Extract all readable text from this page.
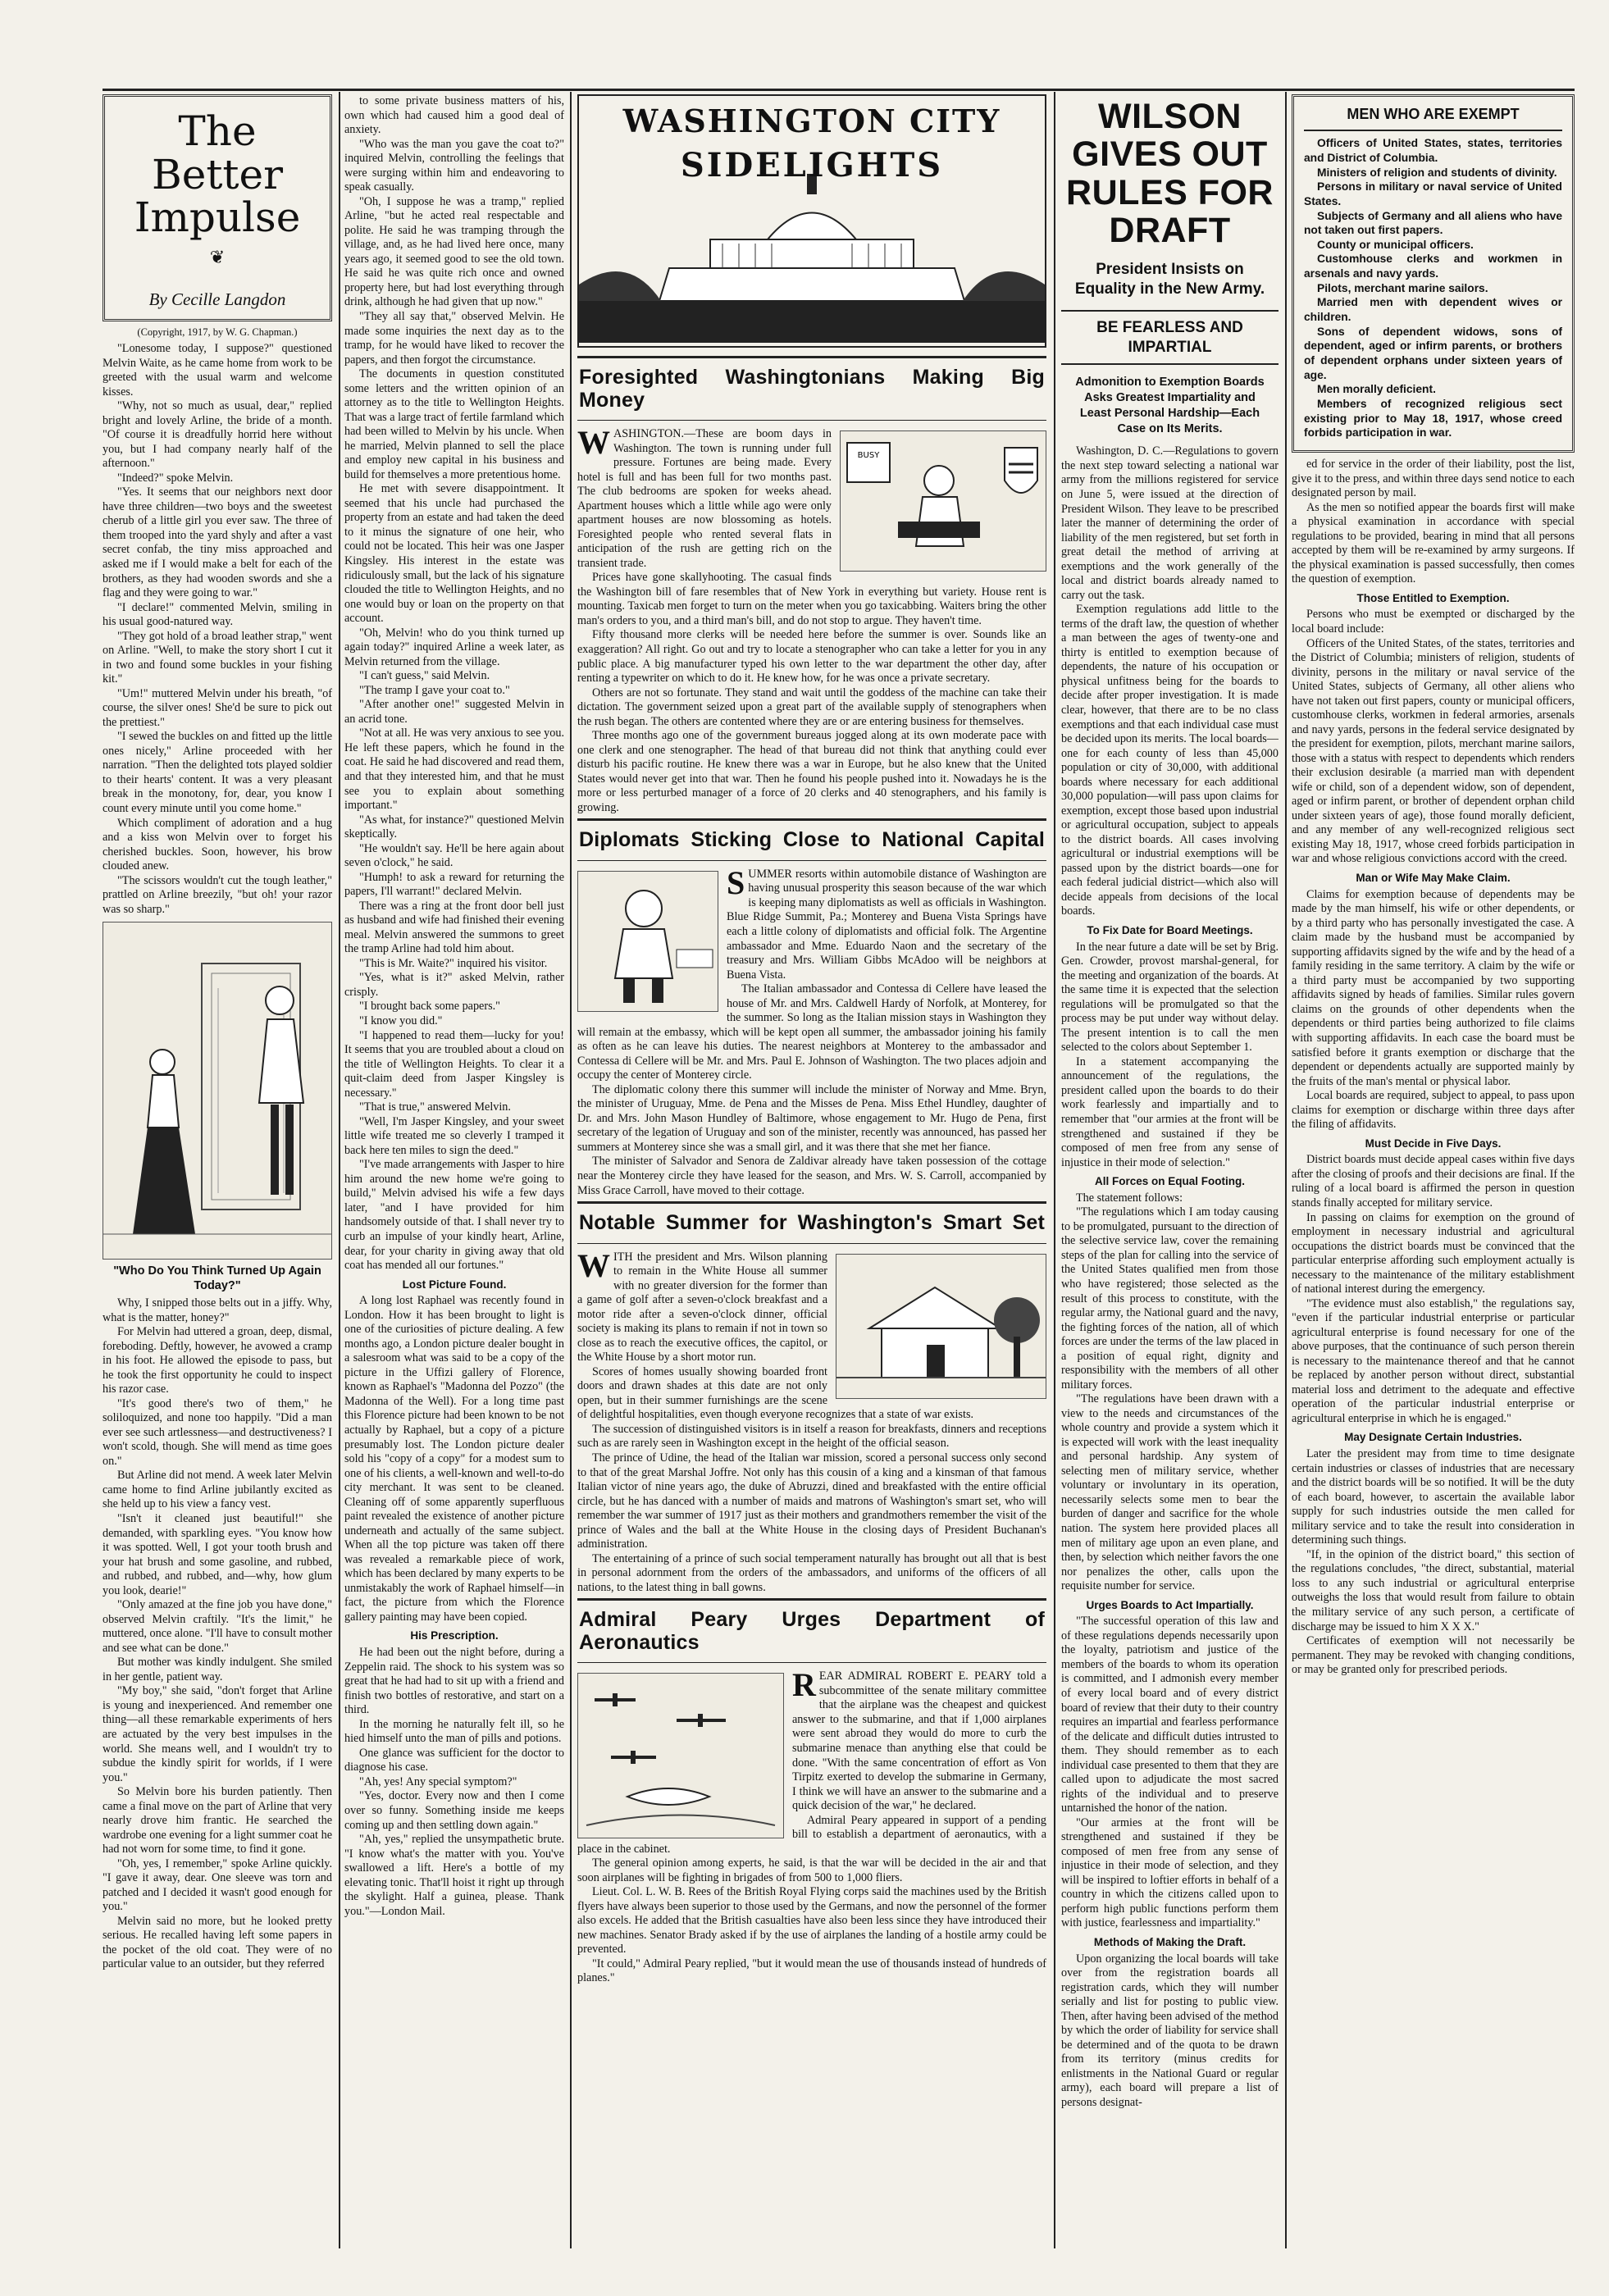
The Better Impulse
❦
By Cecille Langdon
(Copyright, 1917, by W. G. Chapman.)

"Lonesome today, I suppose?" questioned Melvin Waite, as he came home from work to be greeted with the usual warm and welcome kisses.

"Why, not so much as usual, dear," replied bright and lovely Arline, the bride of a month. "Of course it is dreadfully horrid here without you, but I had company nearly half of the afternoon."

"Indeed?" spoke Melvin.

"Yes. It seems that our neighbors next door have three children—two boys and the sweetest cherub of a little girl you ever saw. The three of them trooped into the yard shyly and after a vast secret confab, the tiny miss approached and asked me if I would make a belt for each of the brothers, as they had wooden swords and she a flag and they were going to war."

"I declare!" commented Melvin, smiling in his usual good-natured way.

"They got hold of a broad leather strap," went on Arline. "Well, to make the story short I cut it in two and found some buckles in your fishing kit."

"Um!" muttered Melvin under his breath, "of course, the silver ones! She'd be sure to pick out the prettiest."

"I sewed the buckles on and fitted up the little ones nicely," Arline proceeded with her narration. "Then the delighted tots played soldier to their hearts' content. It was a very pleasant break in the monotony, for, dear, you know I count every minute until you come home."

Which compliment of adoration and a hug and a kiss won Melvin over to forget his cherished buckles. Soon, however, his brow clouded anew.

"The scissors wouldn't cut the tough leather," prattled on Arline breezily, "but oh! your razor was so sharp."

"Who Do You Think Turned Up Again Today?"

Why, I snipped those belts out in a jiffy. Why, what is the matter, honey?"

For Melvin had uttered a groan, deep, dismal, foreboding. Deftly, however, he avowed a cramp in his foot. He allowed the episode to pass, but he took the first opportunity he could to inspect his razor case.

"It's good there's two of them," he soliloquized, and none too happily. "Did a man ever see such artlessness—and destructiveness? I won't scold, though. She will mend as time goes on."

But Arline did not mend. A week later Melvin came home to find Arline jubilantly excited as she held up to his view a fancy vest.

"Isn't it cleaned just beautiful!" she demanded, with sparkling eyes. "You know how it was spotted. Well, I got your tooth brush and your hat brush and some gasoline, and rubbed, and rubbed, and rubbed, and—why, how glum you look, dearie!"

"Only amazed at the fine job you have done," observed Melvin craftily. "It's the limit," he muttered, once alone. "I'll have to consult mother and see what can be done."

But mother was kindly indulgent. She smiled in her gentle, patient way.

"My boy," she said, "don't forget that Arline is young and inexperienced. And remember one thing—all these remarkable experiments of hers are actuated by the very best impulses in the world. She means well, and I wouldn't try to subdue the kindly spirit for worlds, if I were you."

So Melvin bore his burden patiently. Then came a final move on the part of Arline that very nearly drove him frantic. He searched the wardrobe one evening for a light summer coat he had not worn for some time, to find it gone.

"Oh, yes, I remember," spoke Arline quickly. "I gave it away, dear. One sleeve was torn and patched and I decided it wasn't good enough for you."

Melvin said no more, but he looked pretty serious. He recalled having left some papers in the pocket of the old coat. They were of no particular value to an outsider, but they referred

to some private business matters of his, own which had caused him a good deal of anxiety.

"Who was the man you gave the coat to?" inquired Melvin, controlling the feelings that were surging within him and endeavoring to speak casually.

"Oh, I suppose he was a tramp," replied Arline, "but he acted real respectable and polite. He said he was tramping through the village, and, as he had lived here once, many years ago, it seemed good to see the old town. He said he was quite rich once and owned property here, but had lost everything through drink, although he had given that up now."

"They all say that," observed Melvin. He made some inquiries the next day as to the tramp, for he would have liked to recover the papers, and then forgot the circumstance.

The documents in question constituted some letters and the written opinion of an attorney as to the title to Wellington Heights. That was a large tract of fertile farmland which had been willed to Melvin by his uncle. When he married, Melvin planned to sell the place and employ new capital in his business and build for themselves a more pretentious home.

He met with severe disappointment. It seemed that his uncle had purchased the property from an estate and had taken the deed to it minus the signature of one heir, who could not be located. This heir was one Jasper Kingsley. His interest in the estate was ridiculously small, but the lack of his signature clouded the title to Wellington Heights, and no one would buy or loan on the property on that account.

"Oh, Melvin! who do you think turned up again today?" inquired Arline a week later, as Melvin returned from the village.

"I can't guess," said Melvin.

"The tramp I gave your coat to."

"After another one!" suggested Melvin in an acrid tone.

"Not at all. He was very anxious to see you. He left these papers, which he found in the coat. He said he had discovered and read them, and that they interested him, and that he must see you to explain about something important."

"As what, for instance?" questioned Melvin skeptically.

"He wouldn't say. He'll be here again about seven o'clock," he said.

"Humph! to ask a reward for returning the papers, I'll warrant!" declared Melvin.

There was a ring at the front door bell just as husband and wife had finished their evening meal. Melvin answered the summons to greet the tramp Arline had told him about.

"This is Mr. Waite?" inquired his visitor.

"Yes, what is it?" asked Melvin, rather crisply.

"I brought back some papers."

"I know you did."

"I happened to read them—lucky for you! It seems that you are troubled about a cloud on the title of Wellington Heights. To clear it a quit-claim deed from Jasper Kingsley is necessary."

"That is true," answered Melvin.

"Well, I'm Jasper Kingsley, and your sweet little wife treated me so cleverly I tramped it back here ten miles to sign the deed."

"I've made arrangements with Jasper to hire him around the new home we're going to build," Melvin advised his wife a few days later, "and I have provided for him handsomely outside of that. I shall never try to curb an impulse of your kindly heart, Arline, dear, for your charity in giving away that old coat has mended all our fortunes."

Lost Picture Found.

A long lost Raphael was recently found in London. How it has been brought to light is one of the curiosities of picture dealing. A few months ago, a London picture dealer bought in a salesroom what was said to be a copy of the picture in the Uffizi gallery of Florence, known as Raphael's "Madonna del Pozzo" (the Madonna of the Well). For a long time past this Florence picture had been known to be not actually by Raphael, but a copy of a picture presumably lost. The London picture dealer sold his "copy of a copy" for a modest sum to one of his clients, a well-known and well-to-do city merchant. It was sent to be cleaned. Cleaning off of some apparently superfluous paint revealed the existence of another picture underneath and actually of the same subject. When all the top picture was taken off there was revealed a remarkable piece of work, which has been declared by many experts to be unmistakably the work of Raphael himself—in fact, the picture from which the Florence gallery painting may have been copied.

His Prescription.

He had been out the night before, during a Zeppelin raid. The shock to his system was so great that he had had to sit up with a friend and finish two bottles of restorative, and start on a third.

In the morning he naturally felt ill, so he hied himself unto the man of pills and potions.

One glance was sufficient for the doctor to diagnose his case.

"Ah, yes! Any special symptom?"

"Yes, doctor. Every now and then I come over so funny. Something inside me keeps coming up and then settling down again."

"Ah, yes," replied the unsympathetic brute. "I know what's the matter with you. You've swallowed a lift. Here's a bottle of my elevating tonic. That'll hoist it right up through the skylight. Half a guinea, please. Thank you."—London Mail.

WASHINGTON CITY
SIDELIGHTS
Foresighted Washingtonians Making Big Money
BUSY

WASHINGTON.—These are boom days in Washington. The town is running under full pressure. Fortunes are being made. Every hotel is full and has been full for two months past. The club bedrooms are spoken for weeks ahead. Apartment houses which a little while ago were only apartment houses are now blossoming as hotels. Foresighted people who rented several flats in anticipation of the rush are getting rich on the transient trade.

Prices have gone skallyhooting. The casual finds the Washington bill of fare resembles that of New York in everything but variety. House rent is mounting. Taxicab men forget to turn on the meter when you go taxicabbing. Waiters bring the other man's orders to you, and a third man's bill, and do not stop to argue. They haven't time.

Fifty thousand more clerks will be needed here before the summer is over. Sounds like an exaggeration? All right. Go out and try to locate a stenographer who can take a letter for you in any public place. A big manufacturer typed his own letter to the war department the other day, after renting a typewriter on which to do it. He knew how, for he was once a private secretary.

Others are not so fortunate. They stand and wait until the goddess of the machine can take their dictation. The government seized upon a great part of the available supply of stenographers when the rush began. The others are contented where they are or are entering business for themselves.

Three months ago one of the government bureaus jogged along at its own moderate pace with one clerk and one stenographer. The head of that bureau did not think that anything could ever disturb his pacific routine. He knew there was a war in Europe, but he also knew that the United States would never get into that war. Then he found his people pushed into it. Nowadays he is the more or less perturbed manager of a force of 20 clerks and 40 stenographers, and his family is growing.

Diplomats Sticking Close to National Capital

SUMMER resorts within automobile distance of Washington are having unusual prosperity this season because of the war which is keeping many diplomatists as well as officials in Washington. Blue Ridge Summit, Pa.; Monterey and Buena Vista Springs have each a little colony of diplomatists and official folk. The Argentine ambassador and Mme. Eduardo Naon and the secretary of the treasury and Mrs. William Gibbs McAdoo will be neighbors at Buena Vista.

The Italian ambassador and Contessa di Cellere have leased the house of Mr. and Mrs. Caldwell Hardy of Norfolk, at Monterey, for the summer. So long as the Italian mission stays in Washington they will remain at the embassy, which will be kept open all summer, the ambassador joining his family as often as he can leave his duties. The nearest neighbors at Monterey to the ambassador and Contessa di Cellere will be Mr. and Mrs. Paul E. Johnson of Washington. The two places adjoin and occupy the center of Monterey circle.

The diplomatic colony there this summer will include the minister of Norway and Mme. Bryn, the minister of Uruguay, Mme. de Pena and the Misses de Pena. Miss Ethel Hundley, daughter of Dr. and Mrs. John Mason Hundley of Baltimore, whose engagement to Mr. Hugo de Pena, first secretary of the legation of Uruguay and son of the minister, recently was announced, has passed her summers at Monterey since she was a small girl, and it was there that she met her fiance.

The minister of Salvador and Senora de Zaldivar already have taken possession of the cottage near the Monterey circle they have leased for the season, and Mrs. W. S. Carroll, accompanied by Miss Grace Carroll, have moved to their cottage.

Notable Summer for Washington's Smart Set

WITH the president and Mrs. Wilson planning to remain in the White House all summer with no greater diversion for the former than a game of golf after a seven-o'clock breakfast and a motor ride after a seven-o'clock dinner, official society is making its plans to remain if not in town so close as to reach the executive offices, the capitol, or the White House by a short motor run.

Scores of homes usually showing boarded front doors and drawn shades at this date are not only open, but in their summer furnishings are the scene of delightful hospitalities, even though everyone recognizes that a state of war exists.

The succession of distinguished visitors is in itself a reason for breakfasts, dinners and receptions such as are rarely seen in Washington except in the height of the official season.

The prince of Udine, the head of the Italian war mission, scored a personal success only second to that of the great Marshal Joffre. Not only has this cousin of a king and a kinsman of that famous Italian victor of nine years ago, the duke of Abruzzi, dined and breakfasted with the entire official circle, but he has danced with a number of maids and matrons of Washington's smart set, who will remember the war summer of 1917 just as their mothers and grandmothers remember the visit of the prince of Wales and the ball at the White House in the closing days of President Buchanan's administration.

The entertaining of a prince of such social temperament naturally has brought out all that is best in personal adornment from the orders of the ambassadors, and uniforms of the officers of all nations, to the latest thing in ball gowns.

Admiral Peary Urges Department of Aeronautics

REAR ADMIRAL ROBERT E. PEARY told a subcommittee of the senate military committee that the airplane was the cheapest and quickest answer to the submarine, and that if 1,000 airplanes were sent abroad they would do more to curb the submarine menace than anything else that could be done. "With the same concentration of effort as Von Tirpitz exerted to develop the submarine in Germany, I think we will have an answer to the submarine and a quick decision of the war," he declared.

Admiral Peary appeared in support of a pending bill to establish a department of aeronautics, with a place in the cabinet.

The general opinion among experts, he said, is that the war will be decided in the air and that soon airplanes will be fighting in brigades of from 500 to 1,000 fliers.

Lieut. Col. L. W. B. Rees of the British Royal Flying corps said the machines used by the British flyers have always been superior to those used by the Germans, and now the personnel of the former also excels. He added that the British casualties have also been less since they have introduced their new machines. Senator Brady asked if by the use of airplanes the landing of a hostile army could be prevented.

"It could," Admiral Peary replied, "but it would mean the use of thousands instead of hundreds of planes."

WILSON GIVES OUT RULES FOR DRAFT
President Insists on Equality in the New Army.
BE FEARLESS AND IMPARTIAL
Admonition to Exemption Boards Asks Greatest Impartiality and Least Personal Hardship—Each Case on Its Merits.

Washington, D. C.—Regulations to govern the next step toward selecting a national war army from the millions registered for service on June 5, were issued at the direction of President Wilson. They leave to be prescribed later the manner of determining the order of liability of the men registered, but set forth in great detail the method of arriving at exemptions and the work generally of the local and district boards already named to carry out the task.

Exemption regulations add little to the terms of the draft law, the question of whether a man between the ages of twenty-one and thirty is entitled to exemption because of dependents, the nature of his occupation or physical unfitness being for the boards to decide after proper investigation. It is made clear, however, that there are to be no class exemptions and that each individual case must be decided upon its merits. The local boards—one for each county of less than 45,000 population or city of 30,000, with additional boards where necessary for each additional 30,000 population—will pass upon claims for exemption, except those based upon industrial or agricultural occupation, subject to appeals to the district boards. All cases involving agricultural or industrial exemptions will be passed upon by the district boards—one for each federal judicial district—which also will decide appeals from decisions of the local boards.

To Fix Date for Board Meetings.

In the near future a date will be set by Brig. Gen. Crowder, provost marshal-general, for the meeting and organization of the boards. At the same time it is expected that the selection regulations will be promulgated so that the process may be put under way without delay. The present intention is to call the men selected to the colors about September 1.

In a statement accompanying the announcement of the regulations, the president called upon the boards to do their work fearlessly and impartially and to remember that "our armies at the front will be strengthened and sustained if they be composed of men free from any sense of injustice in their mode of selection."

All Forces on Equal Footing.

The statement follows:

"The regulations which I am today causing to be promulgated, pursuant to the direction of the selective service law, cover the remaining steps of the plan for calling into the service of the United States qualified men from those who have registered; those selected as the result of this process to constitute, with the regular army, the National guard and the navy, the fighting forces of the nation, all of which forces are under the terms of the law placed in a position of equal right, dignity and responsibility with the members of all other military forces.

"The regulations have been drawn with a view to the needs and circumstances of the whole country and provide a system which it is expected will work with the least inequality and personal hardship. Any system of selecting men of military service, whether voluntary or involuntary in its operation, necessarily selects some men to bear the burden of danger and sacrifice for the whole nation. The system here provided places all men of military age upon an even plane, and then, by selection which neither favors the one nor penalizes the other, calls upon the requisite number for service.

Urges Boards to Act Impartially.

"The successful operation of this law and of these regulations depends necessarily upon the loyalty, patriotism and justice of the members of the boards to whom its operation is committed, and I admonish every member of every local board and of every district board of review that their duty to their country requires an impartial and fearless performance of the delicate and difficult duties intrusted to them. They should remember as to each individual case presented to them that they are called upon to adjudicate the most sacred rights of the individual and to preserve untarnished the honor of the nation.

"Our armies at the front will be strengthened and sustained if they be composed of men free from any sense of injustice in their mode of selection, and they will be inspired to loftier efforts in behalf of a country in which the citizens called upon to perform high public functions perform them with justice, fearlessness and impartiality."

Methods of Making the Draft.

Upon organizing the local boards will take over from the registration boards all registration cards, which they will number serially and list for posting to public view. Then, after having been advised of the method by which the order of liability for service shall be determined and of the quota to be drawn from its territory (minus credits for enlistments in the National Guard or regular army), each board will prepare a list of persons designat-

MEN WHO ARE EXEMPT

Officers of United States, states, territories and District of Columbia.

Ministers of religion and students of divinity.

Persons in military or naval service of United States.

Subjects of Germany and all aliens who have not taken out first papers.

County or municipal officers.

Customhouse clerks and workmen in arsenals and navy yards.

Pilots, merchant marine sailors.

Married men with dependent wives or children.

Sons of dependent widows, sons of dependent, aged or infirm parents, or brothers of dependent orphans under sixteen years of age.

Men morally deficient.

Members of recognized religious sect existing prior to May 18, 1917, whose creed forbids participation in war.

ed for service in the order of their liability, post the list, give it to the press, and within three days send notice to each designated person by mail.

As the men so notified appear the boards first will make a physical examination in accordance with special regulations to be provided, bearing in mind that all persons accepted by them will be re-examined by army surgeons. If the physical examination is passed successfully, then comes the question of exemption.

Those Entitled to Exemption.

Persons who must be exempted or discharged by the local board include:

Officers of the United States, of the states, territories and the District of Columbia; ministers of religion, students of divinity, persons in the military or naval service of the United States, subjects of Germany, all other aliens who have not taken out first papers, county or municipal officers, customhouse clerks, workmen in federal armories, arsenals and navy yards, persons in the federal service designated by the president for exemption, pilots, merchant marine sailors, those with a status with respect to dependents which renders their exclusion desirable (a married man with dependent wife or child, son of a dependent widow, son of dependent, aged or infirm parent, or brother of dependent orphan child under sixteen years of age), those found morally deficient, and any member of any well-recognized religious sect existing May 18, 1917, whose creed forbids participation in war and whose religious convictions accord with the creed.

Man or Wife May Make Claim.

Claims for exemption because of dependents may be made by the man himself, his wife or other dependents, or by a third party who has personally investigated the case. A claim made by the husband must be accompanied by supporting affidavits signed by the wife and by the head of a family residing in the same territory. A claim by the wife or a third party must be accompanied by two supporting affidavits signed by heads of families. Similar rules govern claims on the grounds of other dependents when the dependents or third parties being authorized to file claims with supporting affidavits. In each case the board must be satisfied before it grants exemption or discharge that the dependent or dependents actually are supported mainly by the fruits of the man's mental or physical labor.

Local boards are required, subject to appeal, to pass upon claims for exemption or discharge within three days after the filing of affidavits.

Must Decide in Five Days.

District boards must decide appeal cases within five days after the closing of proofs and their decisions are final. If the ruling of a local board is affirmed the person in question stands finally accepted for military service.

In passing on claims for exemption on the ground of employment in necessary industrial and agricultural occupations the district boards must be convinced that the particular enterprise affording such employment actually is necessary to the maintenance of the military establishment of national interest during the emergency.

"The evidence must also establish," the regulations say, "even if the particular industrial enterprise or particular agricultural enterprise is found necessary for one of the above purposes, that the continuance of such person therein is necessary to the maintenance thereof and that he cannot be replaced by another person without direct, substantial material loss and detriment to the adequate and effective operation of the particular industrial enterprise or agricultural enterprise in which he is engaged."

May Designate Certain Industries.

Later the president may from time to time designate certain industries or classes of industries that are necessary and the district boards will be so notified. It will be the duty of each board, however, to ascertain the available labor supply for such industries outside the men called for military service and to take the result into consideration in determining such things.

"If, in the opinion of the district board," this section of the regulations concludes, "the direct, substantial, material loss to any such industrial or agricultural enterprise outweighs the loss that would result from failure to obtain the military service of any such person, a certificate of discharge may be issued to him X X X."

Certificates of exemption will not necessarily be permanent. They may be revoked with changing conditions, or may be granted only for prescribed periods.
